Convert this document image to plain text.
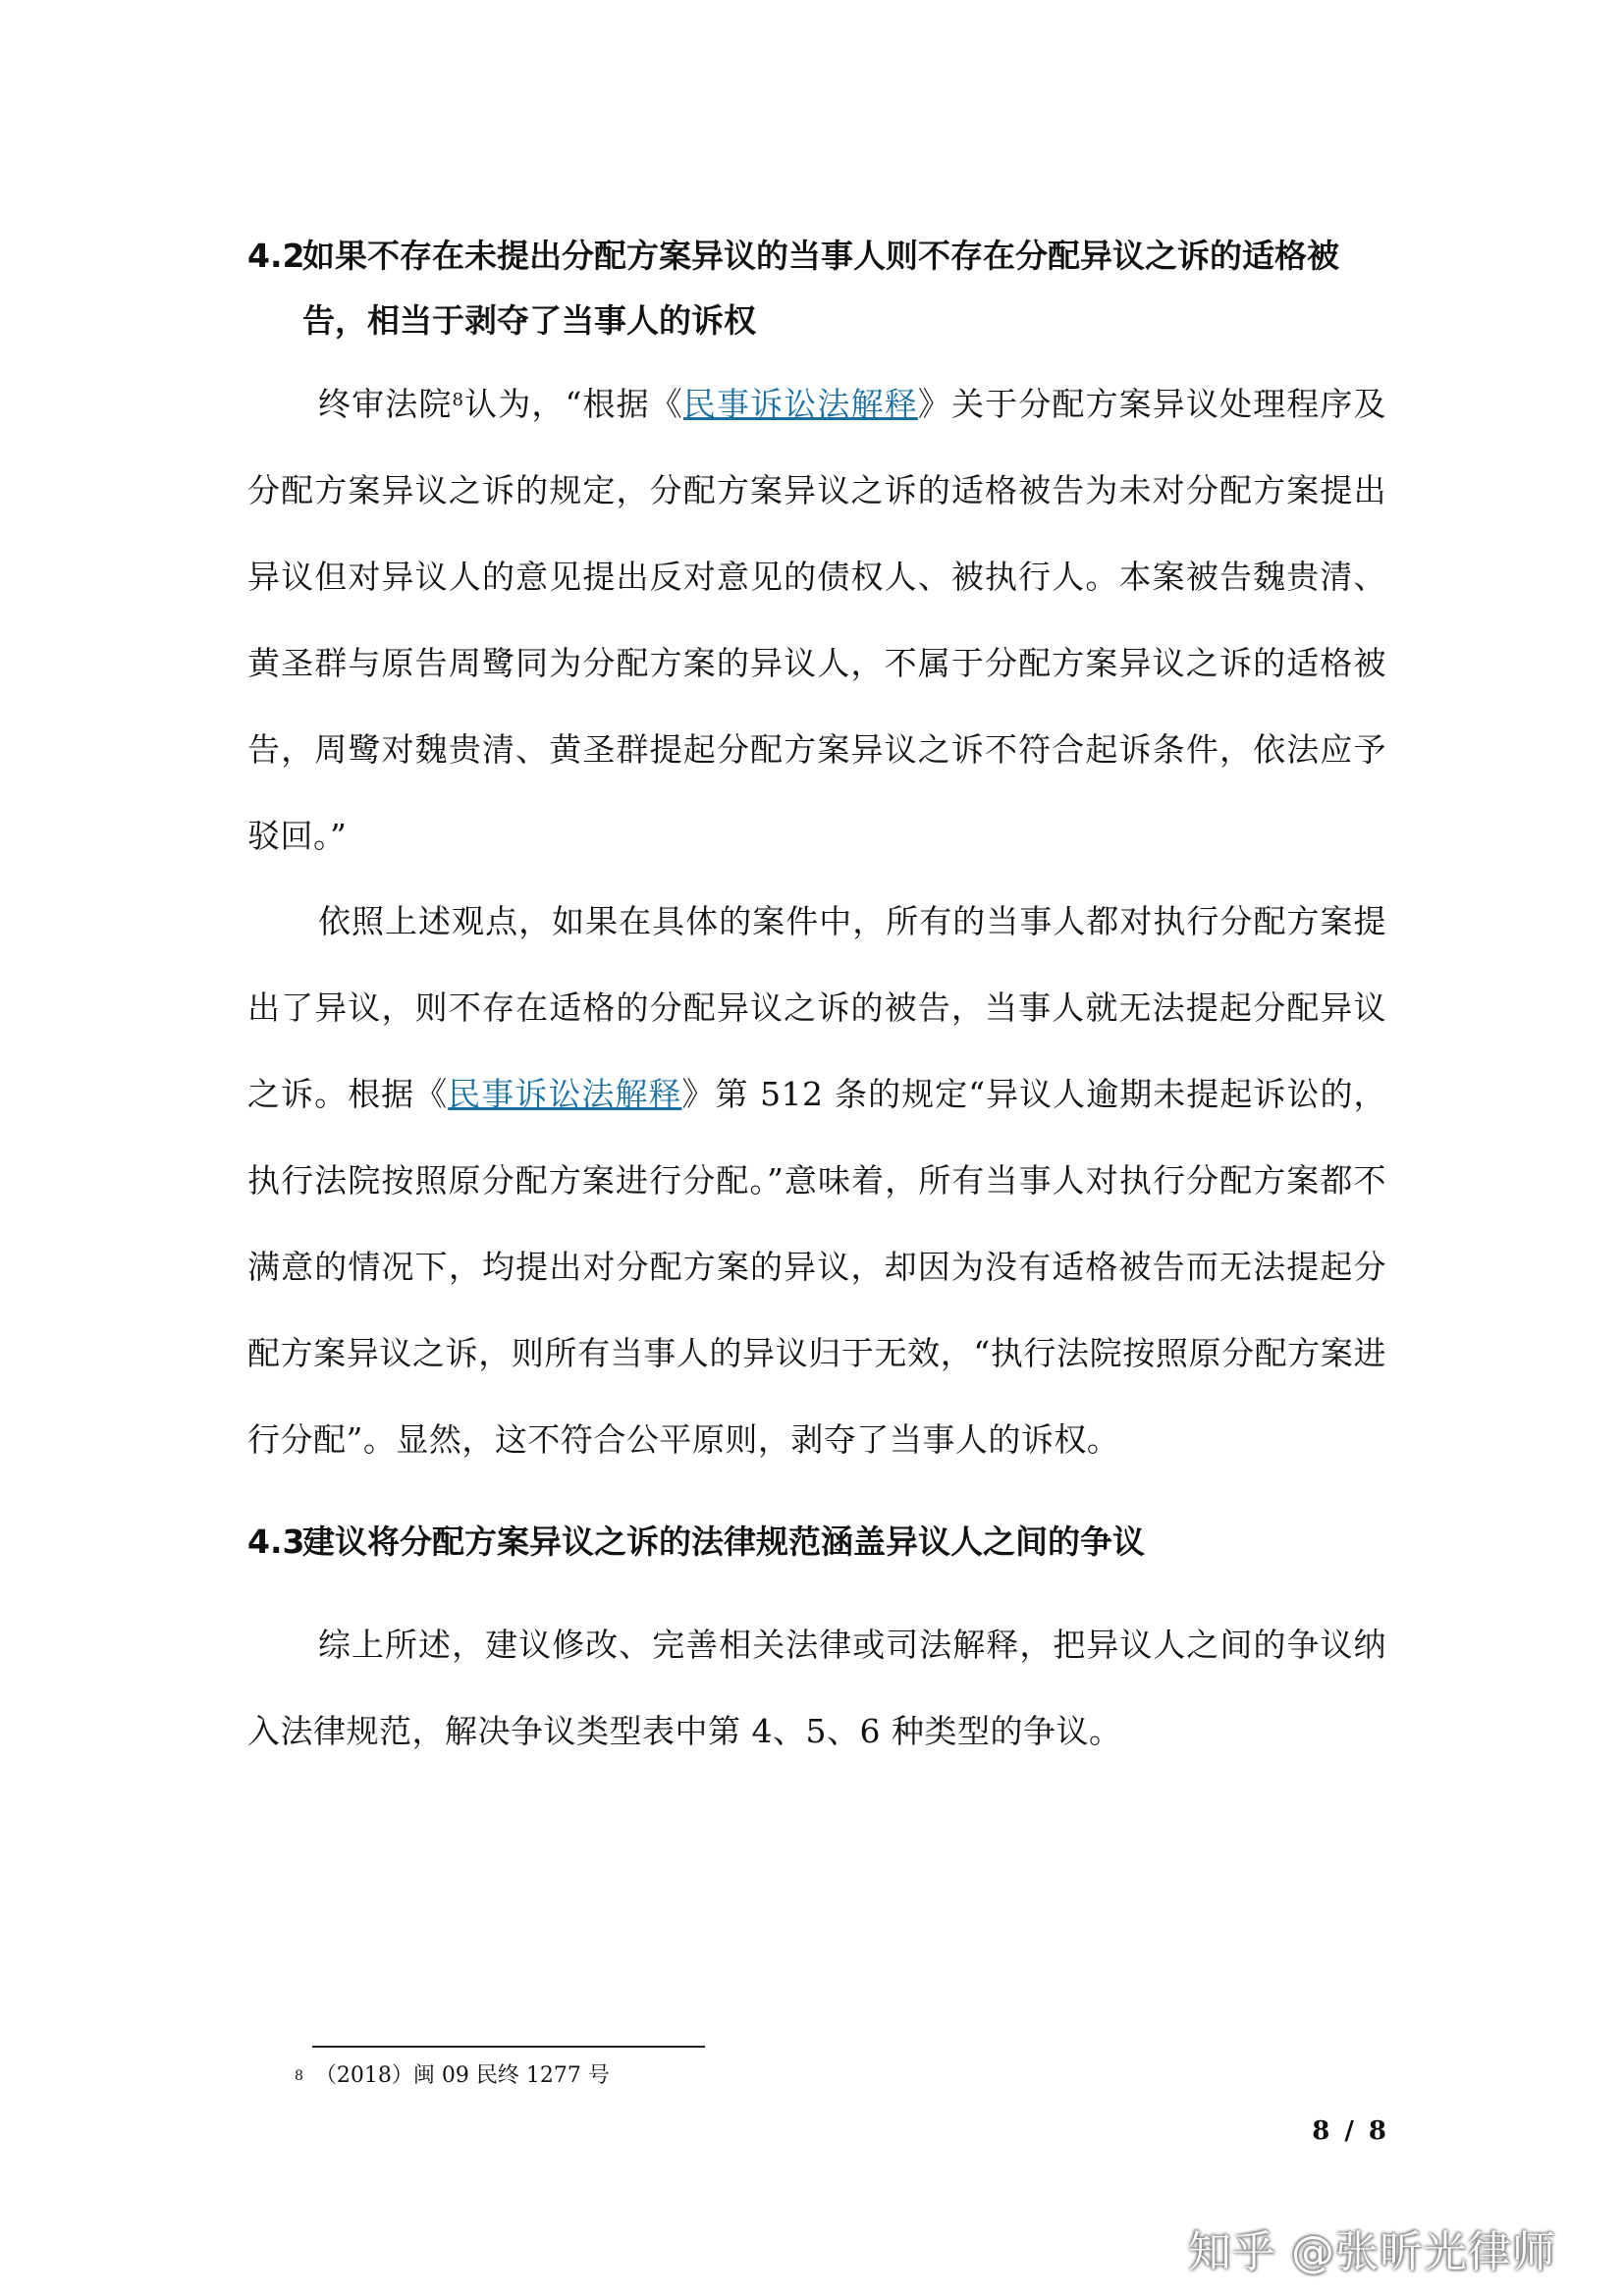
4.2
如果不存在未提出分配方案异议的当事人则不存在分配异议之诉的适格被告，相当于剥夺了当事人的诉权
终审法院$^8$认为，“根据《民事诉讼法解释》关于分配方案异议处理程序及分配方案异议之诉的规定，分配方案异议之诉的适格被告为未对分配方案提出异议但对异议人的意见提出反对意见的债权人、被执行人。本案被告魏贵清、黄圣群与原告周鹭同为分配方案的异议人，不属于分配方案异议之诉的适格被告，周鹭对魏贵清、黄圣群提起分配方案异议之诉不符合起诉条件，依法应予驳回。”
依照上述观点，如果在具体的案件中，所有的当事人都对执行分配方案提出了异议，则不存在适格的分配异议之诉的被告，当事人就无法提起分配异议之诉。根据《民事诉讼法解释》第 512 条的规定“异议人逾期未提起诉讼的，执行法院按照原分配方案进行分配。”意味着，所有当事人对执行分配方案都不满意的情况下，均提出对分配方案的异议，却因为没有适格被告而无法提起分配方案异议之诉，则所有当事人的异议归于无效，“执行法院按照原分配方案进行分配”。显然，这不符合公平原则，剥夺了当事人的诉权。
4.3
建议将分配方案异议之诉的法律规范涵盖异议人之间的争议
综上所述，建议修改、完善相关法律或司法解释，把异议人之间的争议纳入法律规范，解决争议类型表中第 4、5、6 种类型的争议。
$^8$ （2018）闽 09 民终 1277 号
8 / 8
知乎 @张昕光律师
